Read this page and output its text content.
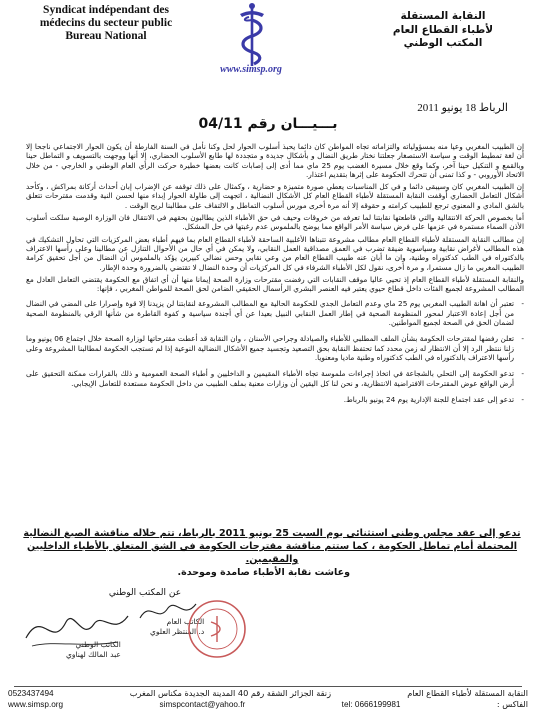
Syndicat indépendant des
médecins du secteur public
Bureau National
www.simsp.org
النقابة المستقلة
لأطباء القطاع العام
المكتب الوطني
الرباط 18 يونيو 2011
بـــيـــان رقم 04/11

إن الطبيب المغربي وعيا منه بمسؤولياته والتزاماته تجاه المواطن كان دائما يحبذ أسلوب الحوار لحل وكنا نأمل في السنة الفارطة أن يكون الحوار الاجتماعي ناجحا إلا أن لغة تمطيط الوقت و سياسة الاستصغار جعلتنا نختار طريق النضال و بأشكال جديدة و متجددة لها طابع الأسلوب الحضاري، إلا أنها ووجهت بالتسويف و التماطل حينا وبالقمع و التنكيل حينا آخر، وكما وقع خلال مسيرة الغضب يوم 25 ماي مما أدى إلى إصابات كانت بعضها خطيرة حركت الرأي العام الوطني و الخارجي - من خلال الاتحاد الأوروبي - و كذا تمنى أن تتحرك الحكومة على إثرها بتقديم اعتذار.

إن الطبيب المغربي كان وسيبقى دائما و في كل المناسبات يعطي صورة متميزة و حضارية ، وكمثال على ذلك توقفه عن الإضراب إبان أحداث أركانة بمراكش ، وكأحد أشكال التعامل الحضاري أوقفت النقابة المستقلة لأطباء القطاع العام كل الأشكال النضالية ، اتجهت إلى طاولة الحوار إبداء منها لحسن النية وقدمت مقترحات تتعلق بالشق المادي و المعنوي ترجع للطبيب كرامته و حقوقه إلا أنه مرة أخرى مورس أسلوب التماطل و الالتفاف على مطالبنا لربح الوقت .

أما بخصوص الحركة الانتقالية والتي قاطعتها نقابتنا لما تعرفه من خروقات وحيف في حق الأطباء الذين يطالبون بحقهم في الانتقال فان الوزارة الوصية سلكت أسلوب الأذن الصماء مستمرة في عزمها على فرض سياسة الأمر الواقع مما يوضح بالملموس عدم رغبتها في حل المشكل.

إن مطالب النقابة المستقلة لأطباء القطاع العام مطالب مشروعة تتبناها الأغلبية الساحقة لأطباء القطاع العام بما فيهم أطباء بعض المركزيات التي تحاول التشكيك في هذه المطالب لأغراض نقابية وسياسوية ضيقة تضرب في العمق مصداقية العمل النقابي، ولا يمكن في أي حال من الأحوال التنازل عن مطالبنا وعلى رأسها الاعتراف بالدكتوراه في الطب كدكتوراه وطنية، وان ما أبان عنه طبيب القطاع العام من وعي نقابي وحس نضالي كبيرين يؤكد بالملموس أن النضال من أجل تحقيق كرامة الطبيب المغربي ما زال مستمرا، و مرة أخرى، نقول لكل الأطباء الشرفاء في كل المركزيات أن وحدة النضال لا تقتضي بالضرورة وحدة الإطار.

والنقابة المستقلة لأطباء القطاع العام إذ تحيي عاليا موقف النقابات التي رفضت مقترحات وزارة الصحة إيمانا منها أن أي اتفاق مع الحكومة يقتضي التعامل العادل مع المطالب المشروعة لجميع الفئات داخل قطاع حيوي يعتبر فيه العنصر البشري الرأسمال الحقيقي الضامن لحق الصحة للمواطن المغربي ، فإنها:

- تعتبر أن اهانة الطبيب المغربي يوم 25 ماي وعدم التعامل الجدي للحكومة الحالية مع المطالب المشروعة لنقابتنا لن يزيدنا إلا قوة وإصرارا على المضي في النضال من أجل إعادة الاعتبار لمحور المنظومة الصحية في إطار العمل النقابي النبيل بعيدا عن أي أجندة سياسية و كفوة القاطرة من شأنها الرقي بالمنظومة الصحية لضمان الحق في الصحة لجميع المواطنين.
- تعلن رفضها لمقترحات الحكومة بشأن الملف المطلبي للأطباء والصيادلة وجراحي الأسنان ، وان النقابة قد أعطت مقترحاتها لوزارة الصحة خلال اجتماع 06 يونيو وما زلنا ننتظر الرد إلا أن الانتظار له زمن محدد كما تحتفظ النقابة بحق التصعيد وتجسيد جميع الأشكال النضالية النوعية إذا لم تستجب الحكومة لمطالبنا المشروعة وعلى رأسها الاعتراف بالدكتوراه في الطب كدكتوراه وطنية ماديا ومعنويا.
- تدعو الحكومة إلى التحلي بالشجاعة في اتخاذ إجراءات ملموسة تجاه الأطباء المقيمين و الداخليين و أطباء الصحة العمومية و ذلك بالقرارات ممكنة التحقيق على أرض الواقع عوض المقترحات الافتراضية الانتظارية، و نحن لنا كل اليقين أن وزارات معنية بملف الطبيب من داخل الحكومة مستعدة للتعامل الإيجابي.
- تدعو إلى عقد اجتماع للجنة الإدارية يوم 24 يونيو بالرباط.
تدعو إلى عقد مجلس وطني استثنائي يوم السبت 25 يونيو 2011 بالرباط، تتم خلاله مناقشة الصيغ النضالية المحتملة أمام تماطل الحكومة ، كما ستتم مناقشة مقترحات الحكومة في الشق المتعلق بالأطباء الداخليين والمقيمين.
وعاشت نقابة الأطباء صامدة وموحدة.
عن المكتب الوطني
الكاتب العام
د. المنتظر العلوي
الكاتب الوطني
عبد المالك لهناوي
النقابة المستقلة لأطباء القطاع العام
زنقة الجزائر الشقة رقم 40 المدينة الجديدة مكناس المغرب
0523437494
الفاكس :
tel: 0666199981
simspcontact@yahoo.fr
www.simsp.org
